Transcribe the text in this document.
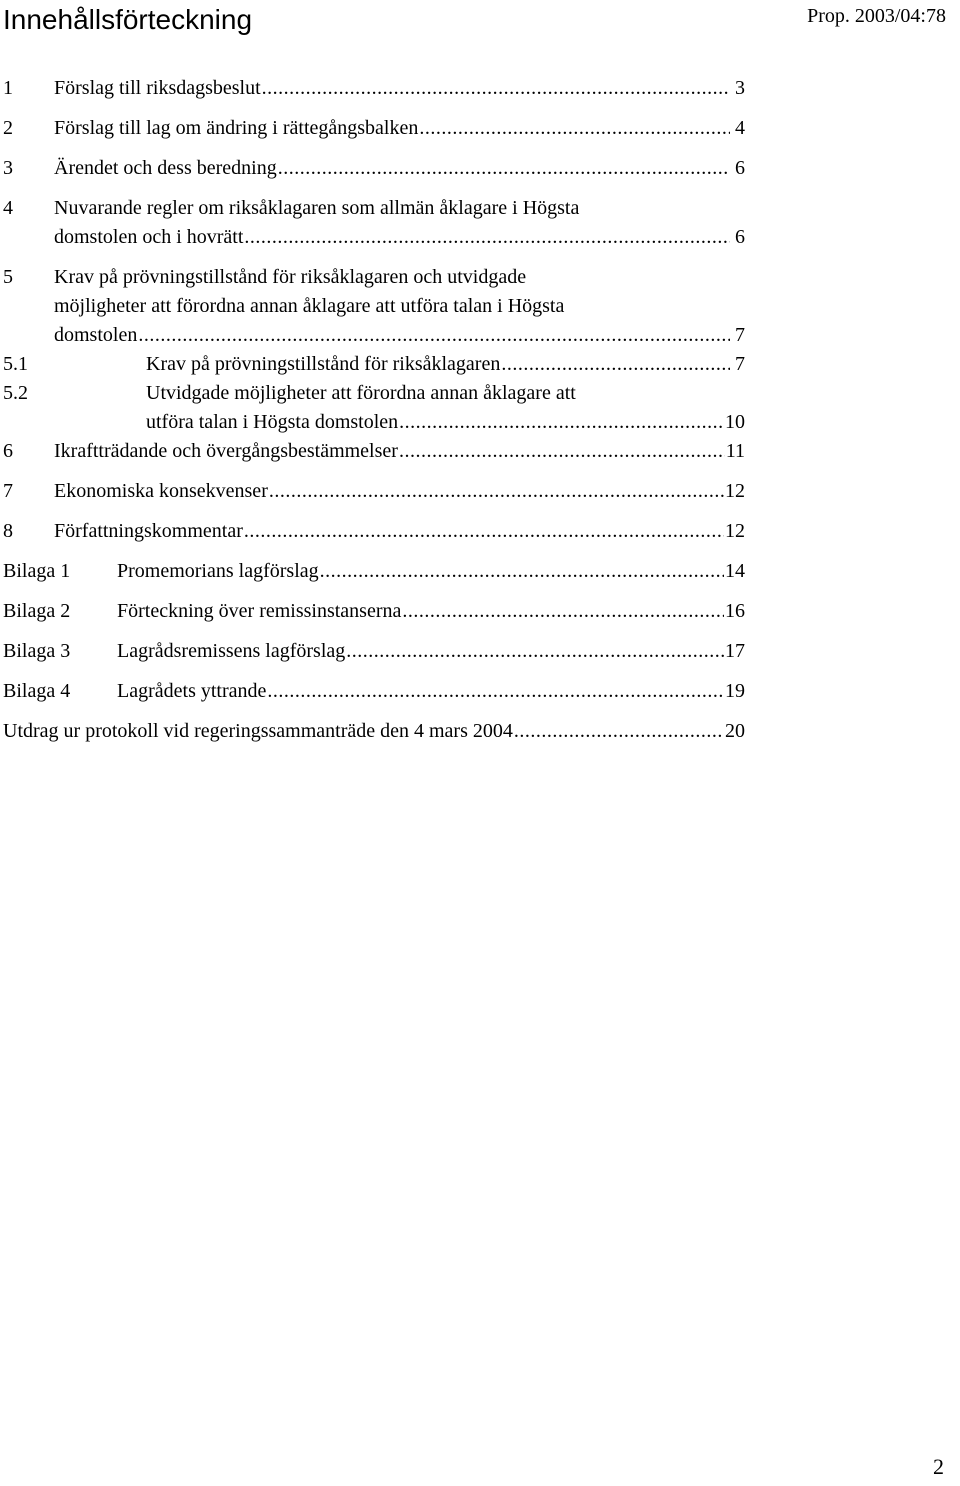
Innehållsförteckning	Prop. 2003/04:78
1 Förslag till riksdagsbeslut .....	3
2 Förslag till lag om ändring i rättegångsbalken .....	4
3 Ärendet och dess beredning .....	6
4 Nuvarande regler om riksåklagaren som allmän åklagare i Högsta
domstolen och i hovrätt .....	6
5 Krav på prövningstillstånd för riksåklagaren och utvidgade
möjligheter att förordna annan åklagare att utföra talan i Högsta
domstolen .....	7
5.1	Krav på prövningstillstånd för riksåklagaren .....	7
5.2	Utvidgade möjligheter att förordna annan åklagare att
utföra talan i Högsta domstolen .....	10
6 Ikraftträdande och övergångsbestämmelser .....	11
7 Ekonomiska konsekvenser .....	12
8 Författningskommentar .....	12
Bilaga 1 Promemorians lagförslag .....	14
Bilaga 2 Förteckning över remissinstanserna .....	16
Bilaga 3 Lagrådsremissens lagförslag .....	17
Bilaga 4 Lagrådets yttrande .....	19
Utdrag ur protokoll vid regeringssammanträde den 4 mars 2004 .....	20
2
